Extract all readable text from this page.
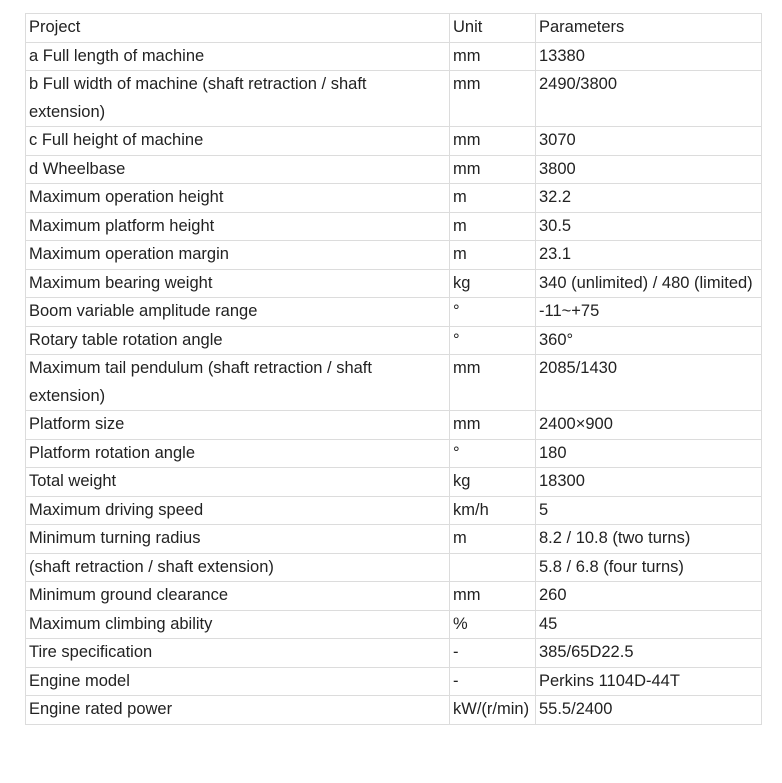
Project	Unit	Parameters
a Full length of machine	mm	13380
b Full width of machine (shaft retraction / shaft extension)	mm	2490/3800
c Full height of machine	mm	3070
d Wheelbase	mm	3800
Maximum operation height	m	32.2
Maximum platform height	m	30.5
Maximum operation margin	m	23.1
Maximum bearing weight	kg	340 (unlimited) / 480 (limited)
Boom variable amplitude range	°	-11~+75
Rotary table rotation angle	°	360°
Maximum tail pendulum (shaft retraction / shaft extension)	mm	2085/1430
Platform size	mm	2400×900
Platform rotation angle	°	180
Total weight	kg	18300
Maximum driving speed	km/h	5
Minimum turning radius	m	8.2 / 10.8 (two turns)
(shaft retraction / shaft extension)		5.8 / 6.8 (four turns)
Minimum ground clearance	mm	260
Maximum climbing ability	%	45
Tire specification	-	385/65D22.5
Engine model	-	Perkins 1104D-44T
Engine rated power	kW/(r/min)	55.5/2400
